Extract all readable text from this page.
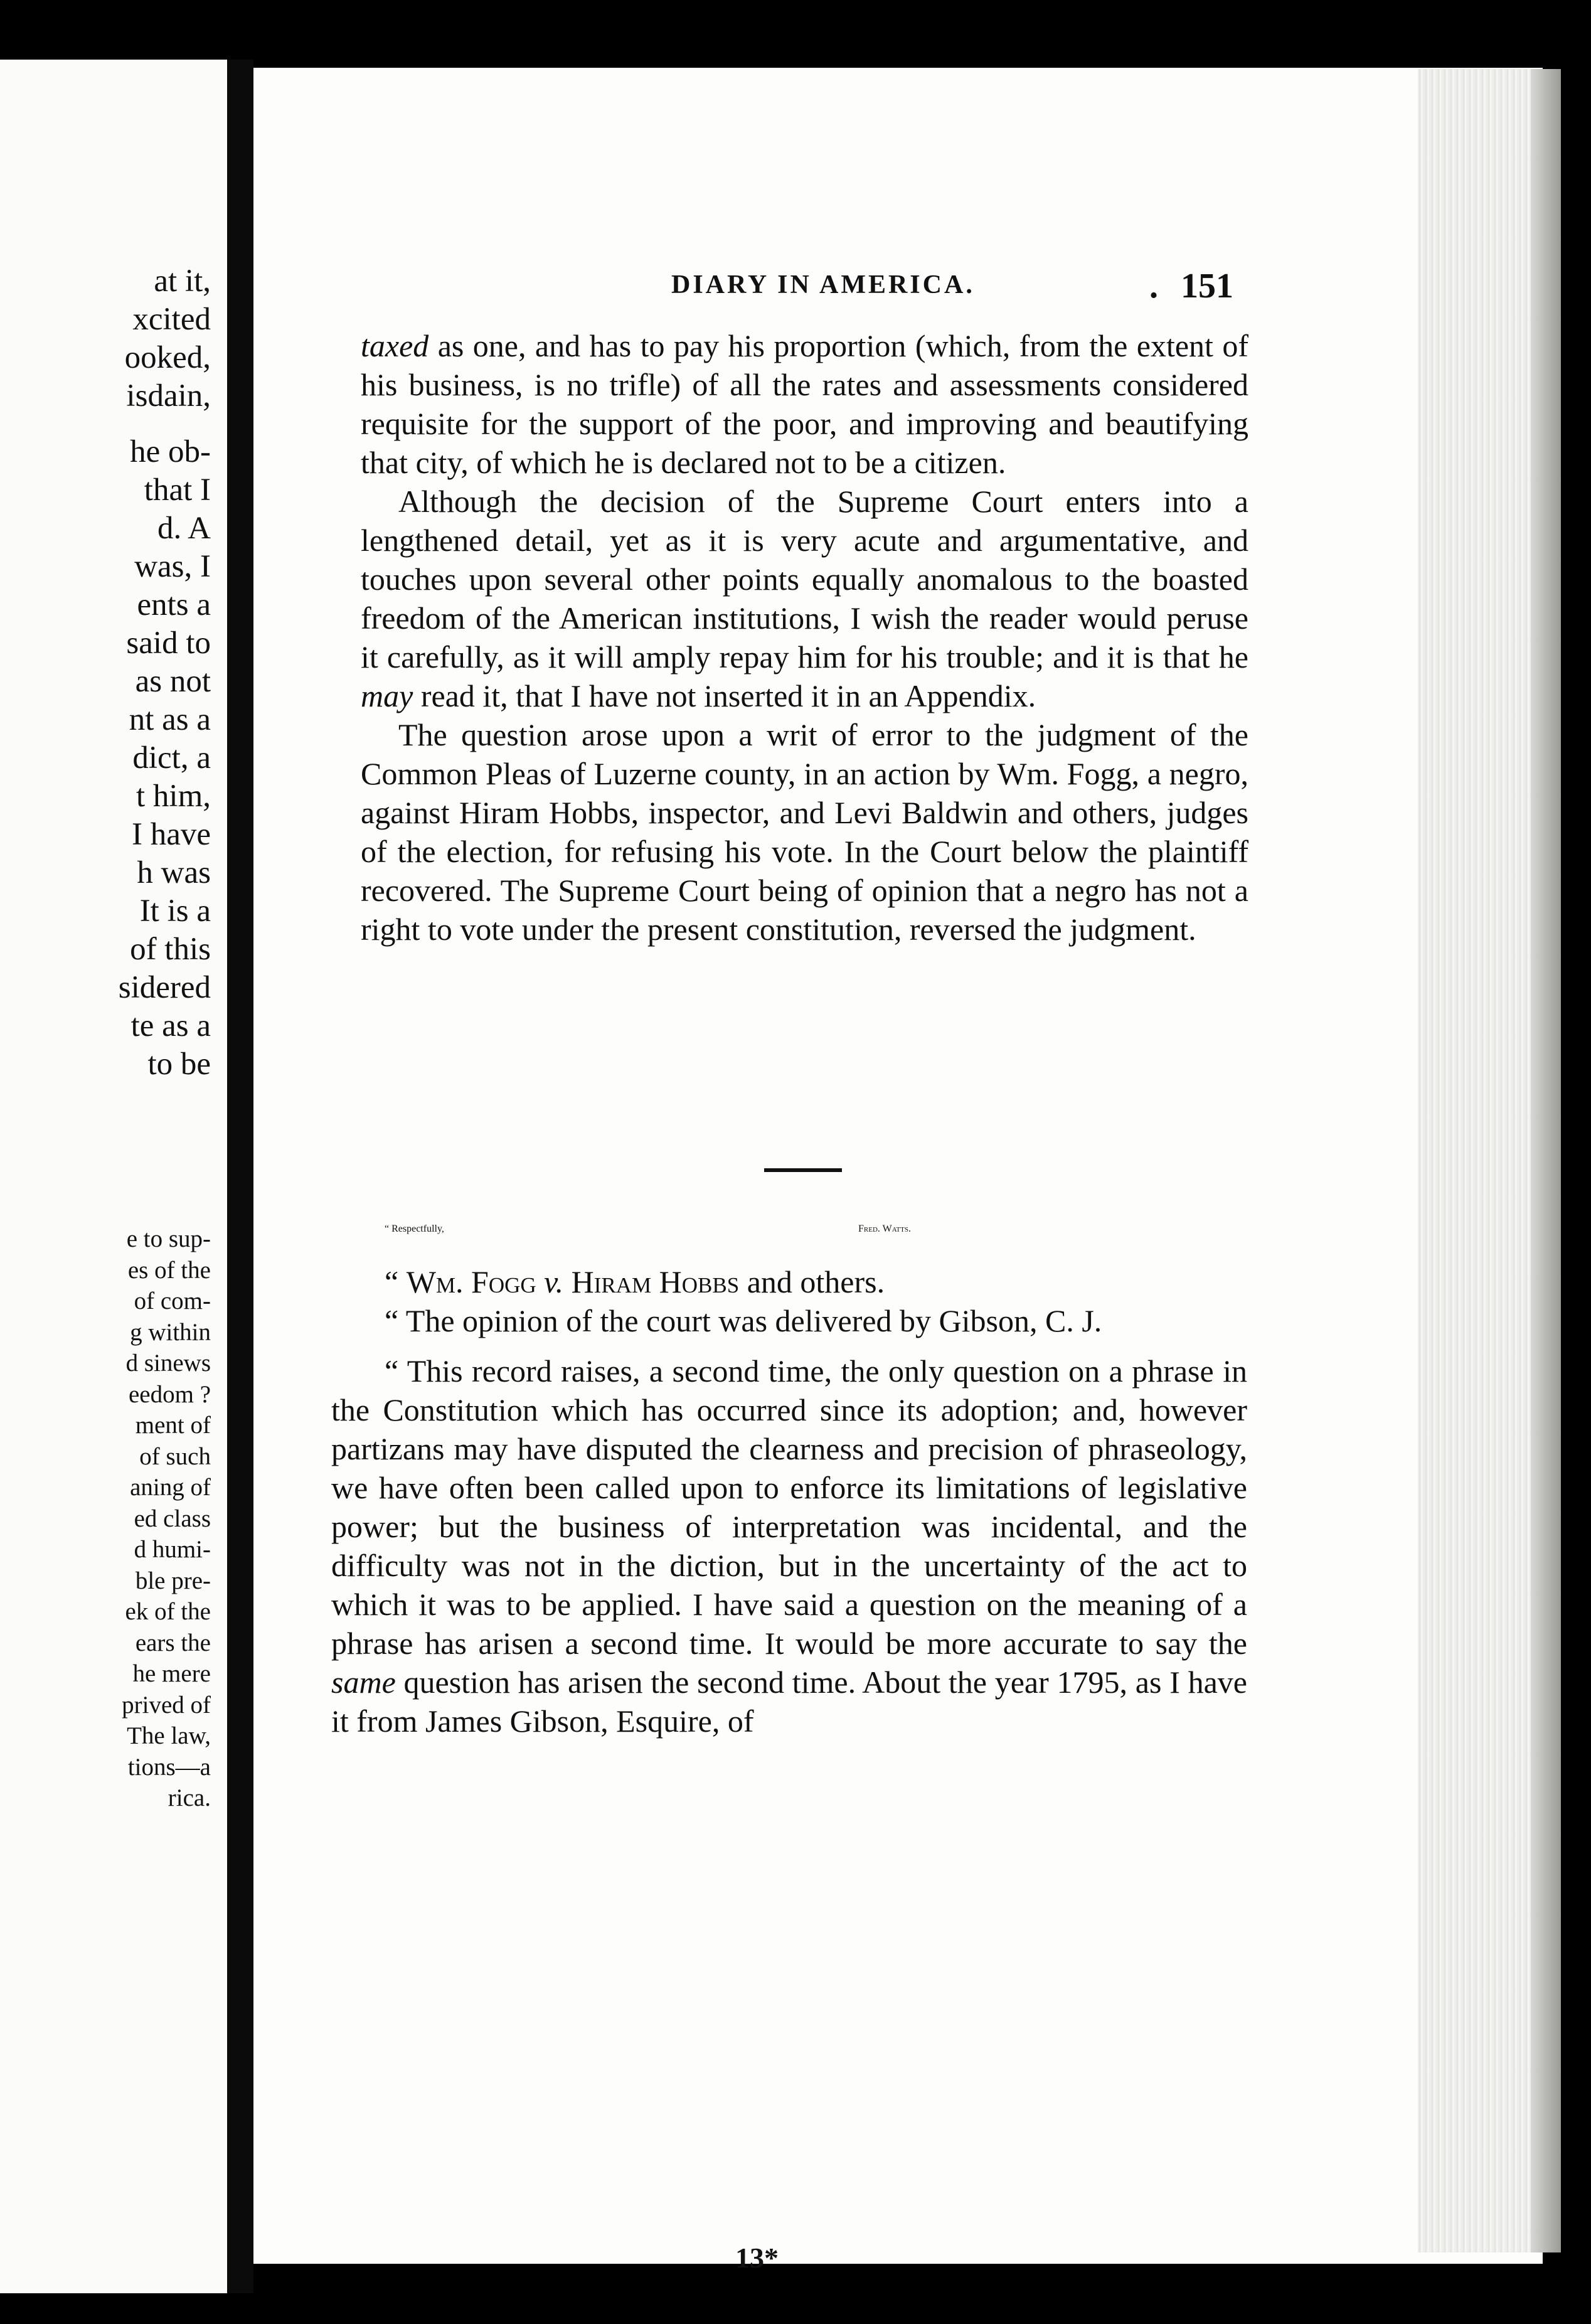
at it,

xcited

ooked,

isdain,

he ob-

that I

d. A

was, I

ents a

said to

as not

nt as a

dict, a

t him,

I have

h was

It is a

of this

sidered

te as a

to be

e to sup-

es of the

of com-

g within

d sinews

eedom ?

ment of

of such

aning of

ed class

d humi-

ble pre-

ek of the

ears the

he mere

prived of

The law,

tions—a

rica.

DIARY IN AMERICA.	. 151

taxed as one, and has to pay his proportion (which, from the extent of his business, is no trifle) of all the rates and assessments considered requisite for the support of the poor, and improving and beautifying that city, of which he is declared not to be a citizen.

Although the decision of the Supreme Court enters into a lengthened detail, yet as it is very acute and argumentative, and touches upon several other points equally anomalous to the boasted freedom of the American institutions, I wish the reader would peruse it carefully, as it will amply repay him for his trouble; and it is that he may read it, that I have not inserted it in an Appendix.

The question arose upon a writ of error to the judgment of the Common Pleas of Luzerne county, in an action by Wm. Fogg, a negro, against Hiram Hobbs, inspector, and Levi Baldwin and others, judges of the election, for refusing his vote. In the Court below the plaintiff recovered. The Supreme Court being of opinion that a negro has not a right to vote under the present constitution, reversed the judgment.

“ Respectfully,	Fred. Watts.

“ Wm. Fogg v. Hiram Hobbs and others.

“ The opinion of the court was delivered by Gibson, C. J.

“ This record raises, a second time, the only question on a phrase in the Constitution which has occurred since its adoption; and, however partizans may have disputed the clearness and precision of phraseology, we have often been called upon to enforce its limitations of legislative power; but the business of interpretation was incidental, and the difficulty was not in the diction, but in the uncertainty of the act to which it was to be applied. I have said a question on the meaning of a phrase has arisen a second time. It would be more accurate to say the same question has arisen the second time. About the year 1795, as I have it from James Gibson, Esquire, of

13*
